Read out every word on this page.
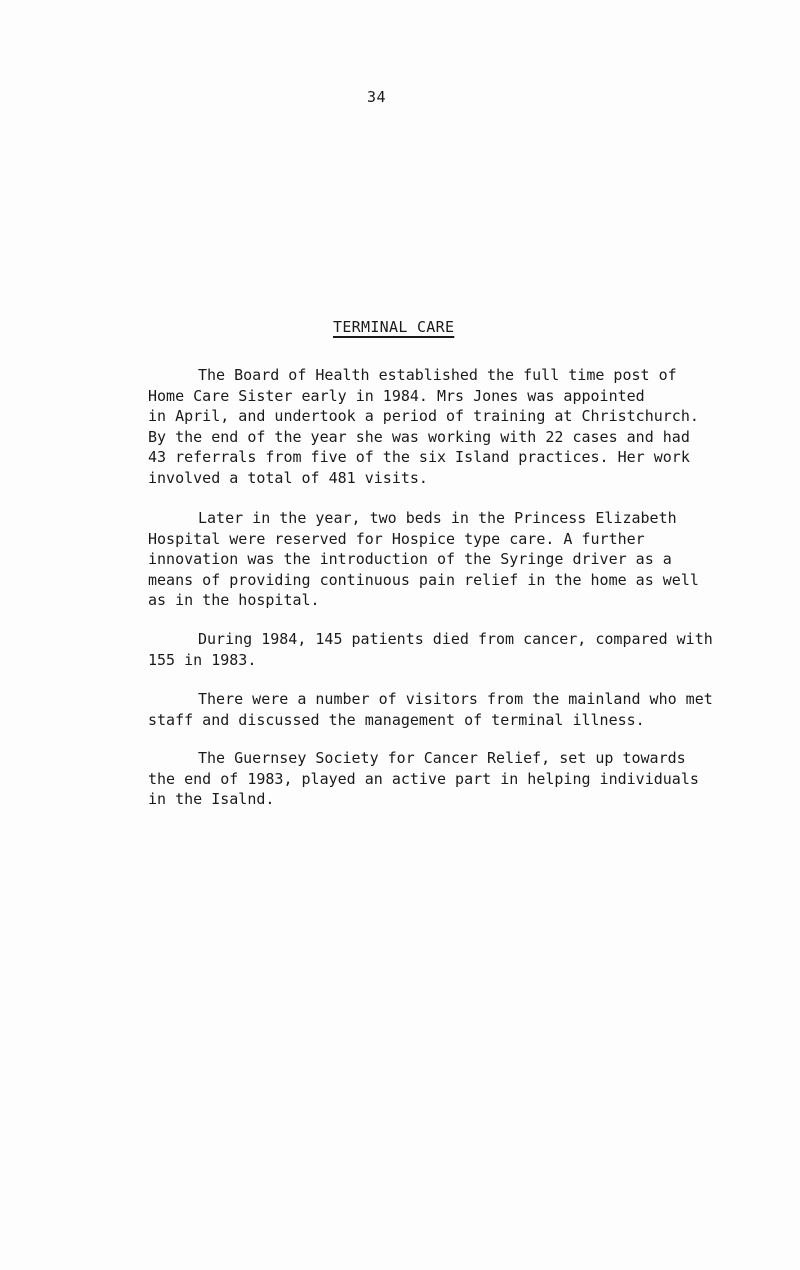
34
TERMINAL CARE

The Board of Health established the full time post of
Home Care Sister early in 1984. Mrs Jones was appointed
in April, and undertook a period of training at Christchurch.
By the end of the year she was working with 22 cases and had
43 referrals from five of the six Island practices. Her work
involved a total of 481 visits.

Later in the year, two beds in the Princess Elizabeth
Hospital were reserved for Hospice type care. A further
innovation was the introduction of the Syringe driver as a
means of providing continuous pain relief in the home as well
as in the hospital.

During 1984, 145 patients died from cancer, compared with
155 in 1983.

There were a number of visitors from the mainland who met
staff and discussed the management of terminal illness.

The Guernsey Society for Cancer Relief, set up towards
the end of 1983, played an active part in helping individuals
in the Isalnd.
